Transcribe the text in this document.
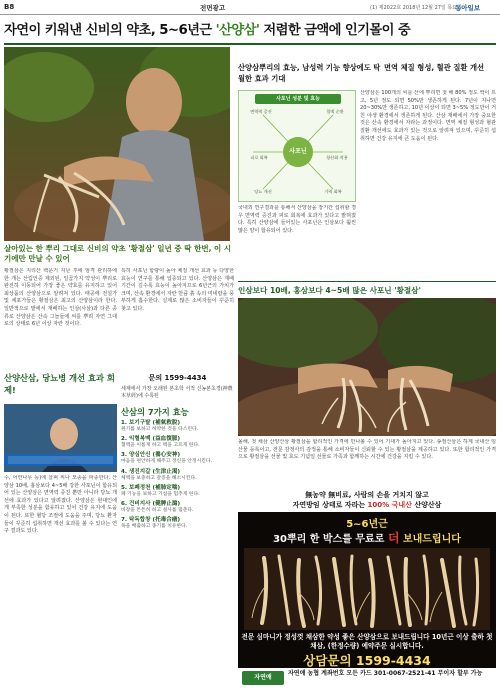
B8	전면광고	(1) 제2022호 2018년 12월 27일 목요일
동아일보
자연이 키워낸 신비의 약초, 5~6년근 '산양삼' 저렴한 금액에 인기몰이 중
살아있는 한 뿌리 그대로 신비의 약초 '황절삼' 일년 중 딱 한번, 이 시기에만 만날 수 있어
황절삼은 지리산 백운기 지난 후에 엄격 관리하에 한 개는 산림인증 제외된, 일곱가지 약성이 뿌리로 완전히 이동되어 가장 좋은 약효를 유지하고 있어 최상품의 산양삼으로 알려져 있다. 태공에 전설가 및 세포가들은 황절삼은 최고의 산양삼이라 한다. 일반적으로 밭에서 재배하는 인삼(사삼)과 다른 종류로 산양삼은 산속 그늘들에 씨를 뿌려 자연 그대로의 상태로 6년 이상 자란 것이다.
특히 사포닌 함량이 높아 체질 개선 효과 등 다양한 효능이 연구를 통해 입증되고 있다. 산양삼은 재배기간이 길수록 효능이 높아지므로 6년근의 가치가 크며, 산속 환경에서 자란 만큼 흙 속의 미네랄을 풍부하게 흡수한다. 실제로 많은 소비자들이 꾸준히 찾고 있다.
산양산삼, 당뇨병 개선 효과 회제!
문의 1599-4434
수, 어린나무 등)에 살펴 씨나 모종을 파종한다. 산양삼 10배, 흉삼보다 4~5배 강한 사포닌이 함유되어 있는 산양삼은 면역력 증진 뿐만 아니라 당뇨 개선에 효과가 있다고 알려졌다. 산양삼은 현대인에게 부족한 성분을 함유하고 있어 건강 유지에 도움이 된다. 또한 혈당 조절에 도움을 주며, 당뇨 환자들이 꾸준히 섭취하면 개선 효과를 볼 수 있다는 연구 결과도 있다.
세계에서 가장 오래된 본초학 서적 신농본초경(神農本草經)에 수록된
산삼의 7가지 효능
1. 보기구탈 (補氣救脫)
원기를 보하고 허약한 것을 다스린다.
2. 익혈복맥 (益血復脈)
혈액을 이롭게 하고 맥을 고르게 한다.
3. 양심안신 (養心安神)
마음을 편안하게 해주고 정신을 안정시킨다.
4. 생진지갈 (生津止渴)
체액을 보충하고 갈증을 해소시킨다.
5. 보폐정천 (補肺定喘)
폐 기능을 보하고 기침을 멈추게 한다.
6. 건비지사 (健脾止瀉)
비장을 튼튼히 하고 설사를 멈춘다.
7. 탁독합창 (托毒合瘡)
독을 배출하고 종기를 치유한다.
산양삼뿌리의 효능, 남성력 기능 향상에도 탁월한 효과 기대
면역 체질 형성, 혈관 질환 개선
사포닌 성분 및 효능
사포닌
면역력 증진	혈액 순환
피로 회복	항산화 작용
당뇨 개선	기력 회복
산양삼은 100개의 씨를 산에 뿌리면 첫 해 80% 정도 싹이 트고, 5년 정도 되면 50%만 생존하게 된다. 7년이 지나면 20~30%만 생존하고, 10년 이상이 되면 3~5% 정도만이 거친 야생 환경에서 생존하게 된다. 산삼 재배에서 가장 중요한 것은 산속 환경에서 자라는 과정이다. 면역 체질 형성과 혈관 질환 개선에도 효과가 있는 것으로 알려져 있으며, 꾸준히 섭취하면 건강 유지에 큰 도움이 된다.
국내외 연구결과를 통해서 산양삼을 장기간 섭취할 경우 면역력 증진과 피로 회복에 효과가 있다고 밝혀졌다. 특히 산양삼에 들어있는 사포닌은 인삼보다 훨씬 많은 양이 함유되어 있다.
인삼보다 10배, 홍삼보다 4~5배 많은 사포닌 '황절삼'
올해, 첫 채삼 산양산삼 황절삼을 합리적인 가격에 만나볼 수 있어 기대가 높아지고 있다. 송절산삼은 하계 국내산 임산물 등록이고, 전문 감정사의 감정을 통해 소비자들이 신뢰할 수 있는 황절삼을 제공하고 있다. 또한 합리적인 가격으로 황절삼을 선물 및 효도 기념일 선물로 가족과 함께하는 시간에 건강을 지킬 수 있다.
無농약 無비료, 사람의 손을 거치지 않고
자연방임 상태로 자라는 100% 국내산 산양산삼
5~6년근
30뿌리 한 박스를 무료로 더 보내드립니다
전문 심마니가 정성껏 채삼한 약성 좋은 산양삼으로 보내드립니다 10년근 이상 출하 첫 채삼, (한정수량) 예약주문 실시합니다.
상담문의 1599-4434
자연애
자연애 농협 계좌번호 모든 카드 301-0067-2521-41 무이자 할부 가능
